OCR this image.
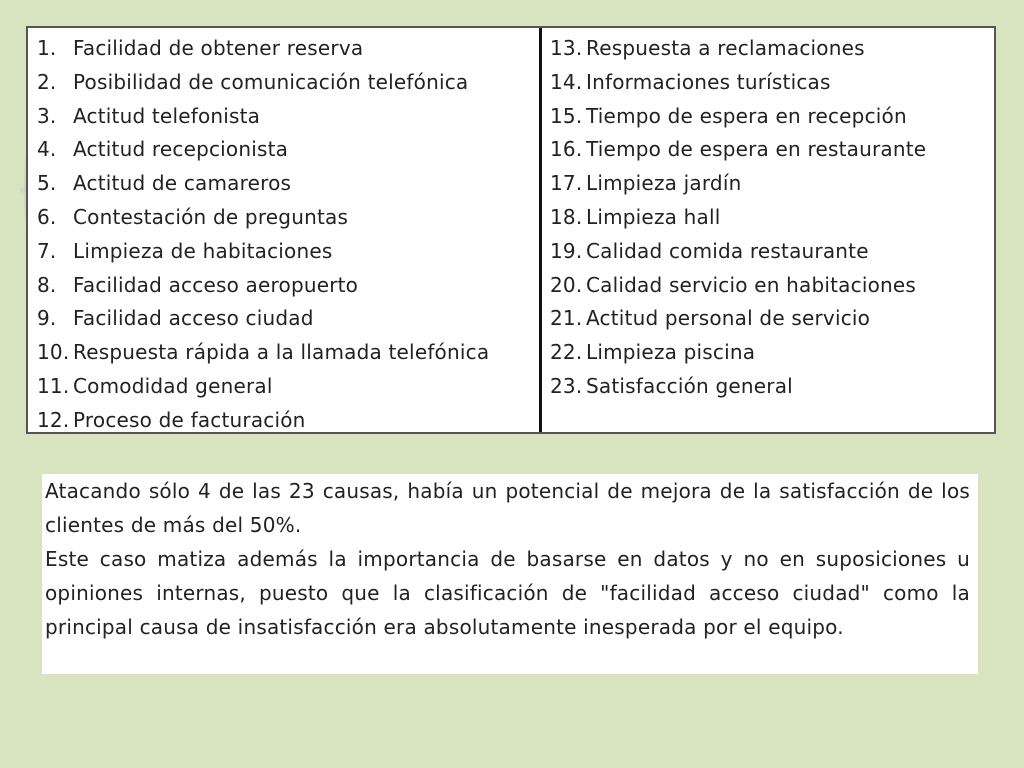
1. Facilidad de obtener reserva
2. Posibilidad de comunicación telefónica
3. Actitud telefonista
4. Actitud recepcionista
5. Actitud de camareros
6. Contestación de preguntas
7. Limpieza de habitaciones
8. Facilidad acceso aeropuerto
9. Facilidad acceso ciudad
10. Respuesta rápida a la llamada telefónica
11. Comodidad general
12. Proceso de facturación
13. Respuesta a reclamaciones
14. Informaciones turísticas
15. Tiempo de espera en recepción
16. Tiempo de espera en restaurante
17. Limpieza jardín
18. Limpieza hall
19. Calidad comida restaurante
20. Calidad servicio en habitaciones
21. Actitud personal de servicio
22. Limpieza piscina
23. Satisfacción general

Atacando sólo 4 de las 23 causas, había un potencial de mejora de la satisfacción de los clientes de más del 50%.

Este caso matiza además la importancia de basarse en datos y no en suposiciones u opiniones internas, puesto que la clasificación de "facilidad acceso ciudad" como la principal causa de insatisfacción era absolutamente inesperada por el equipo.
